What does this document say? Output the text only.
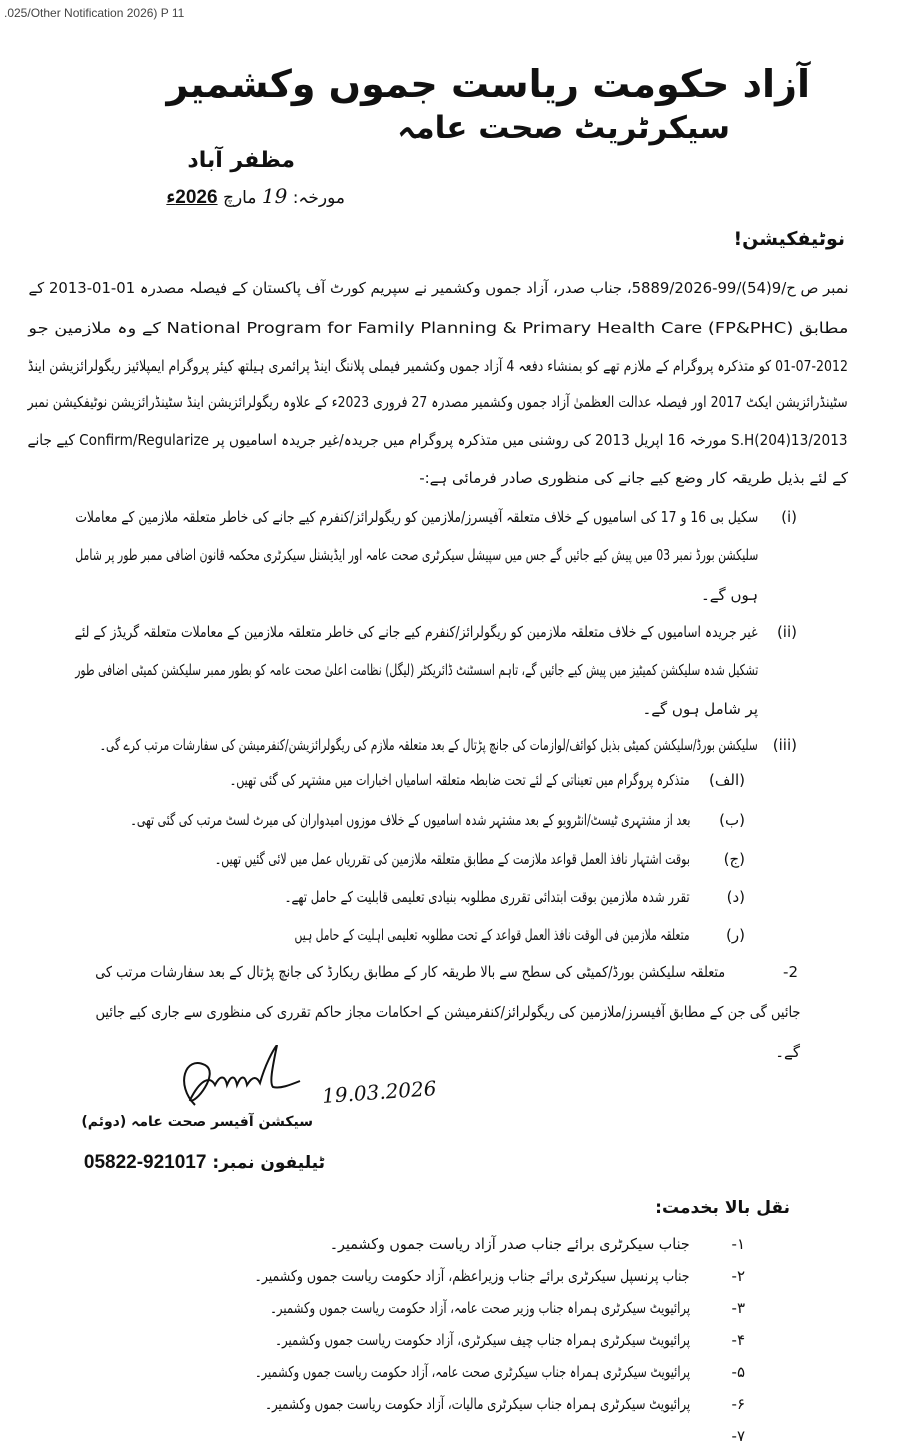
.025/Other Notification 2026) P 11
آزاد حکومت ریاست جموں وکشمیر
سیکرٹریٹ صحت عامہ
مظفر آباد
مورخہ: 19 مارچ 2026ء
نوٹیفکیشن!
نمبر ص ح/9(54)/99-5889/2026، جناب صدر، آزاد جموں وکشمیر نے سپریم کورٹ آف پاکستان کے فیصلہ مصدرہ 01-01-2013 کے
مطابق (FP&PHC) National Program for Family Planning & Primary Health Care کے وہ ملازمین جو
01-07-2012 کو متذکرہ پروگرام کے ملازم تھے کو بمنشاء دفعہ 4 آزاد جموں وکشمیر فیملی پلاننگ اینڈ پرائمری ہیلتھ کیئر پروگرام ایمپلائیز ریگولرائزیشن اینڈ
سٹینڈرائزیشن ایکٹ 2017 اور فیصلہ عدالت العظمیٰ آزاد جموں وکشمیر مصدرہ 27 فروری 2023ء کے علاوہ ریگولرائزیشن اینڈ سٹینڈرائزیشن نوٹیفکیشن نمبر
S.H(204)13/2013 مورخہ 16 اپریل 2013 کی روشنی میں متذکرہ پروگرام میں جریدہ/غیر جریدہ اسامیوں پر Confirm/Regularize کیے جانے
کے لئے بذیل طریقہ کار وضع کیے جانے کی منظوری صادر فرمائی ہے:-
(i)
سکیل بی 16 و 17 کی اسامیوں کے خلاف متعلقہ آفیسرز/ملازمین کو ریگولرائز/کنفرم کیے جانے کی خاطر متعلقہ ملازمین کے معاملات
سلیکشن بورڈ نمبر 03 میں پیش کیے جائیں گے جس میں سپیشل سیکرٹری صحت عامہ اور ایڈیشنل سیکرٹری محکمہ قانون اضافی ممبر طور پر شامل
ہوں گے۔
(ii)
غیر جریدہ اسامیوں کے خلاف متعلقہ ملازمین کو ریگولرائز/کنفرم کیے جانے کی خاطر متعلقہ ملازمین کے معاملات متعلقہ گریڈز کے لئے
تشکیل شدہ سلیکشن کمیٹیز میں پیش کیے جائیں گے، تاہم اسسٹنٹ ڈائریکٹر (لیگل) نظامت اعلیٰ صحت عامہ کو بطور ممبر سلیکشن کمیٹی اضافی طور
پر شامل ہوں گے۔
(iii)
سلیکشن بورڈ/سلیکشن کمیٹی بذیل کوائف/لوازمات کی جانچ پڑتال کے بعد متعلقہ ملازم کی ریگولرائزیشن/کنفرمیشن کی سفارشات مرتب کرے گی۔
(الف)
متذکرہ پروگرام میں تعیناتی کے لئے تحت ضابطہ متعلقہ اسامیاں اخبارات میں مشتہر کی گئی تھیں۔
(ب)
بعد از مشتہری ٹیسٹ/انٹرویو کے بعد مشتہر شدہ اسامیوں کے خلاف موزوں امیدواران کی میرٹ لسٹ مرتب کی گئی تھی۔
(ج)
بوقت اشتہار نافذ العمل قواعد ملازمت کے مطابق متعلقہ ملازمین کی تقرریاں عمل میں لائی گئیں تھیں۔
(د)
تقرر شدہ ملازمین بوقت ابتدائی تقرری مطلوبہ بنیادی تعلیمی قابلیت کے حامل تھے۔
(ر)
متعلقہ ملازمین فی الوقت نافذ العمل قواعد کے تحت مطلوبہ تعلیمی اہلیت کے حامل ہیں
2-
متعلقہ سلیکشن بورڈ/کمیٹی کی سطح سے بالا طریقہ کار کے مطابق ریکارڈ کی جانچ پڑتال کے بعد سفارشات مرتب کی
جائیں گی جن کے مطابق آفیسرز/ملازمین کی ریگولرائز/کنفرمیشن کے احکامات مجاز حاکم تقرری کی منظوری سے جاری کیے جائیں
گے۔
19.03.2026
سیکشن آفیسر صحت عامہ (دوئم)
ٹیلیفون نمبر: 05822-921017
نقل بالا بخدمت:
۱-
جناب سیکرٹری برائے جناب صدر آزاد ریاست جموں وکشمیر۔
۲-
جناب پرنسپل سیکرٹری برائے جناب وزیراعظم، آزاد حکومت ریاست جموں وکشمیر۔
۳-
پرائیویٹ سیکرٹری ہمراہ جناب وزیر صحت عامہ، آزاد حکومت ریاست جموں وکشمیر۔
۴-
پرائیویٹ سیکرٹری ہمراہ جناب چیف سیکرٹری، آزاد حکومت ریاست جموں وکشمیر۔
۵-
پرائیویٹ سیکرٹری ہمراہ جناب سیکرٹری صحت عامہ، آزاد حکومت ریاست جموں وکشمیر۔
۶-
پرائیویٹ سیکرٹری ہمراہ جناب سیکرٹری مالیات، آزاد حکومت ریاست جموں وکشمیر۔
۷-
